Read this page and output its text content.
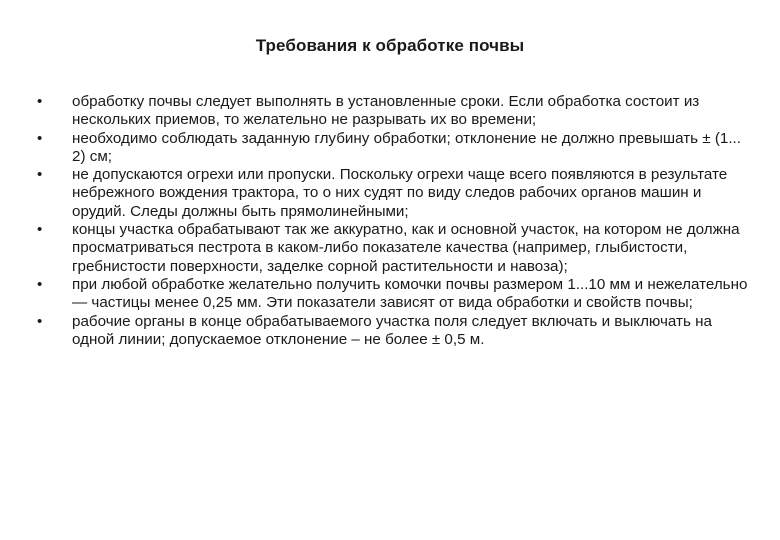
Требования к обработке почвы
• обработку почвы следует выполнять в установленные сроки. Если обработка состоит из нескольких приемов, то желательно не разрывать их во времени;
• необходимо соблюдать заданную глубину обработки; отклонение не должно превышать ± (1... 2) см;
• не допускаются огрехи или пропуски. Поскольку огрехи чаще всего появляются в результате небрежного вождения трактора, то о них судят по виду следов рабочих органов машин и орудий. Следы должны быть прямолинейными;
• концы участка обрабатывают так же аккуратно, как и основной участок, на котором не должна просматриваться пестрота в каком-либо показателе качества (например, глыбистости, гребнистости поверхности, заделке сорной растительности и навоза);
• при любой обработке желательно получить комочки почвы размером 1...10 мм и нежелательно — частицы менее 0,25 мм. Эти показатели зависят от вида обработки и свойств почвы;
• рабочие органы в конце обрабатываемого участка поля следует включать и выключать на одной линии; допускаемое отклонение – не более ± 0,5 м.
